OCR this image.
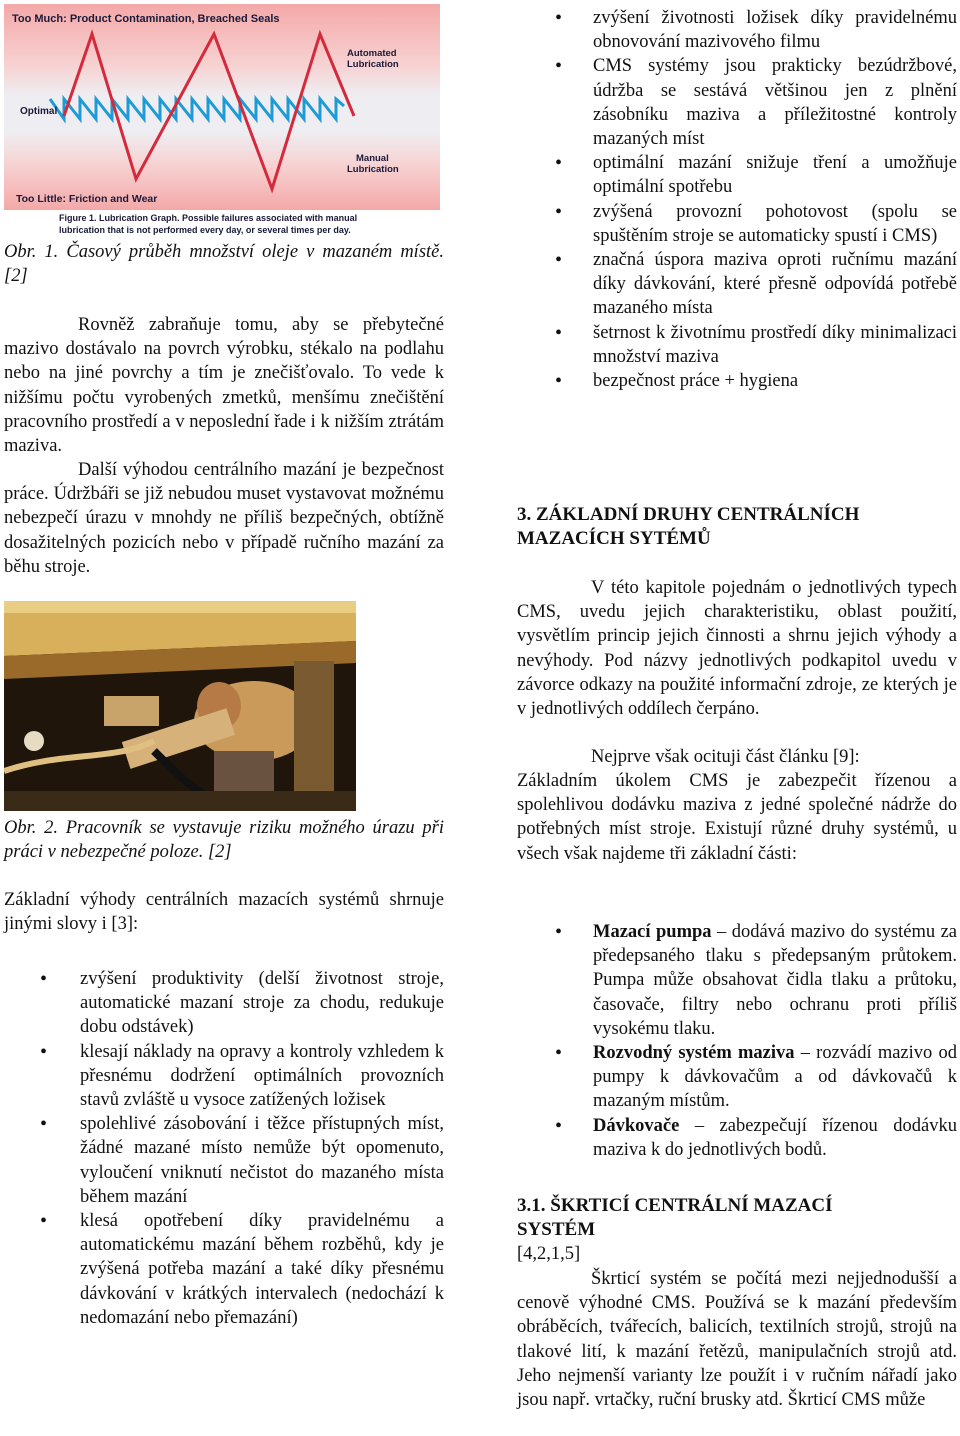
Too Much: Product Contamination, Breached Seals
Optimal
Automated
Lubrication
Manual
Lubrication
Too Little: Friction and Wear
Figure 1. Lubrication Graph. Possible failures associated with manual
lubrication that is not performed every day, or several times per day.

Obr. 1. Časový průběh množství oleje v mazaném místě. [2]

Rovněž zabraňuje tomu, aby se přebytečné mazivo dostávalo na povrch výrobku, stékalo na podlahu nebo na jiné povrchy a tím je znečišťovalo. To vede k nižšímu počtu vyrobených zmetků, menšímu znečištění pracovního prostředí a v neposlední řade i k nižším ztrátám maziva.

Další výhodou centrálního mazání je bezpečnost práce. Údržbáři se již nebudou muset vystavovat možnému nebezpečí úrazu v mnohdy ne příliš bezpečných, obtížně dosažitelných pozicích nebo v případě ručního mazání za běhu stroje.

Obr. 2. Pracovník se vystavuje riziku možného úrazu při práci v nebezpečné poloze. [2]

Základní výhody centrálních mazacích systémů shrnuje jinými slovy i [3]:

• zvýšení produktivity (delší životnost stroje, automatické mazaní stroje za chodu, redukuje dobu odstávek)
• klesají náklady na opravy a kontroly vzhledem k přesnému dodržení optimálních provozních stavů zvláště u vysoce zatížených ložisek
• spolehlivé zásobování i těžce přístupných míst, žádné mazané místo nemůže být opomenuto, vyloučení vniknutí nečistot do mazaného místa během mazání
• klesá opotřebení díky pravidelnému a automatickému mazání během rozběhů, kdy je zvýšená potřeba mazání a také díky přesnému dávkování v krátkých intervalech (nedochází k nedomazání nebo přemazání)
• zvýšení životnosti ložisek díky pravidelnému obnovování mazivového filmu
• CMS systémy jsou prakticky bezúdržbové, údržba se sestává většinou jen z plnění zásobníku maziva a příležitostné kontroly mazaných míst
• optimální mazání snižuje tření a umožňuje optimální spotřebu
• zvýšená provozní pohotovost (spolu se spuštěním stroje se automaticky spustí i CMS)
• značná úspora maziva oproti ručnímu mazání díky dávkování, které přesně odpovídá potřebě mazaného místa
• šetrnost k životnímu prostředí díky minimalizaci množství maziva
• bezpečnost práce + hygiena
3. ZÁKLADNÍ DRUHY CENTRÁLNÍCH
MAZACÍCH SYTÉMŮ

V této kapitole pojednám o jednotlivých typech CMS, uvedu jejich charakteristiku, oblast použití, vysvětlím princip jejich činnosti a shrnu jejich výhody a nevýhody. Pod názvy jednotlivých podkapitol uvedu v závorce odkazy na použité informační zdroje, ze kterých je v jednotlivých oddílech čerpáno.

Nejprve však ocituji část článku [9]:

Základním úkolem CMS je zabezpečit řízenou a spolehlivou dodávku maziva z jedné společné nádrže do potřebných míst stroje. Existují různé druhy systémů, u všech však najdeme tři základní části:

• Mazací pumpa – dodává mazivo do systému za předepsaného tlaku s předepsaným průtokem. Pumpa může obsahovat čidla tlaku a průtoku, časovače, filtry nebo ochranu proti příliš vysokému tlaku.
• Rozvodný systém maziva – rozvádí mazivo od pumpy k dávkovačům a od dávkovačů k mazaným místům.
• Dávkovače – zabezpečují řízenou dodávku maziva k do jednotlivých bodů.
3.1. ŠKRTICÍ CENTRÁLNÍ MAZACÍ
SYSTÉM

[4,2,1,5]

Škrticí systém se počítá mezi nejjednodušší a cenově výhodné CMS. Používá se k mazání především obráběcích, tvářecích, balicích, textilních strojů, strojů na tlakové lití, k mazání řetězů, manipulačních strojů atd. Jeho nejmenší varianty lze použít i v ručním nářadí jako jsou např. vrtačky, ruční brusky atd. Škrticí CMS může
